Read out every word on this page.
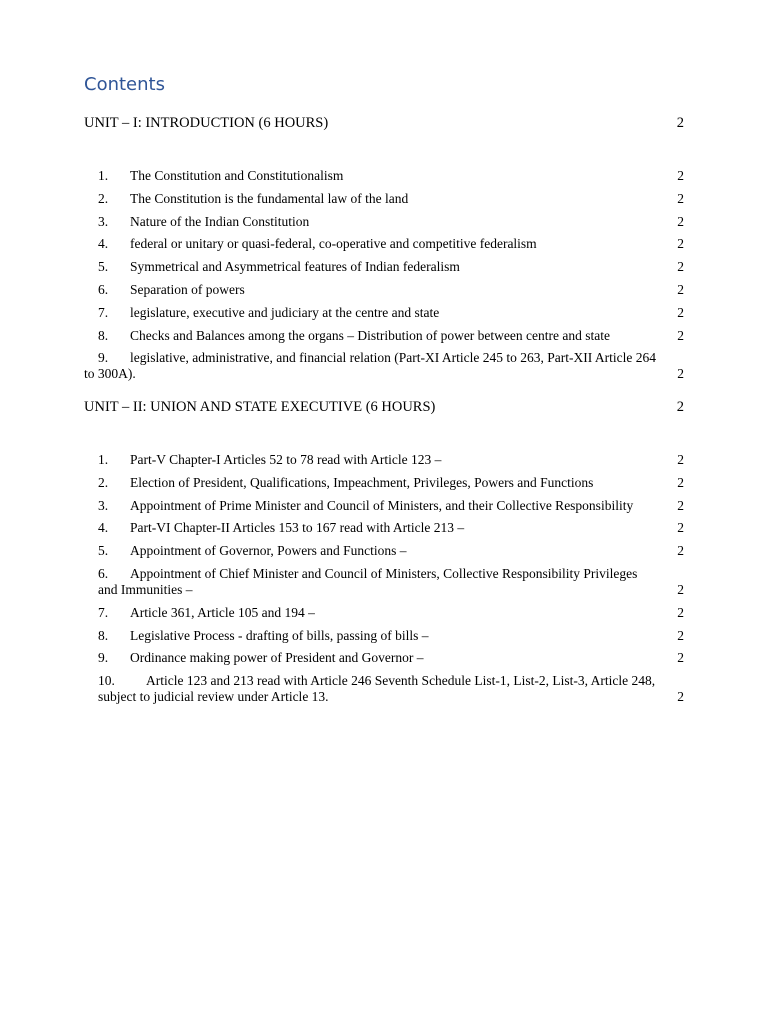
Contents
UNIT – I: INTRODUCTION (6 HOURS)	2
1.	The Constitution and Constitutionalism	2
2.	The Constitution is the fundamental law of the land	2
3.	Nature of the Indian Constitution	2
4.	federal or unitary or quasi-federal, co-operative and competitive federalism	2
5.	Symmetrical and Asymmetrical features of Indian federalism	2
6.	Separation of powers	2
7.	legislature, executive and judiciary at the centre and state	2
8.	Checks and Balances among the organs – Distribution of power between centre and state	2
9. legislative, administrative, and financial relation (Part-XI Article 245 to 263, Part-XII Article 264
to 300A).	2
UNIT – II: UNION AND STATE EXECUTIVE (6 HOURS)	2
1.	Part-V Chapter-I Articles 52 to 78 read with Article 123 –	2
2.	Election of President, Qualifications, Impeachment, Privileges, Powers and Functions	2
3.	Appointment of Prime Minister and Council of Ministers, and their Collective Responsibility	2
4.	Part-VI Chapter-II Articles 153 to 167 read with Article 213 –	2
5.	Appointment of Governor, Powers and Functions –	2
6. Appointment of Chief Minister and Council of Ministers, Collective Responsibility Privileges
and Immunities –	2
7.	Article 361, Article 105 and 194 –	2
8.	Legislative Process - drafting of bills, passing of bills –	2
9.	Ordinance making power of President and Governor –	2
10. Article 123 and 213 read with Article 246 Seventh Schedule List-1, List-2, List-3, Article 248,
subject to judicial review under Article 13.	2
